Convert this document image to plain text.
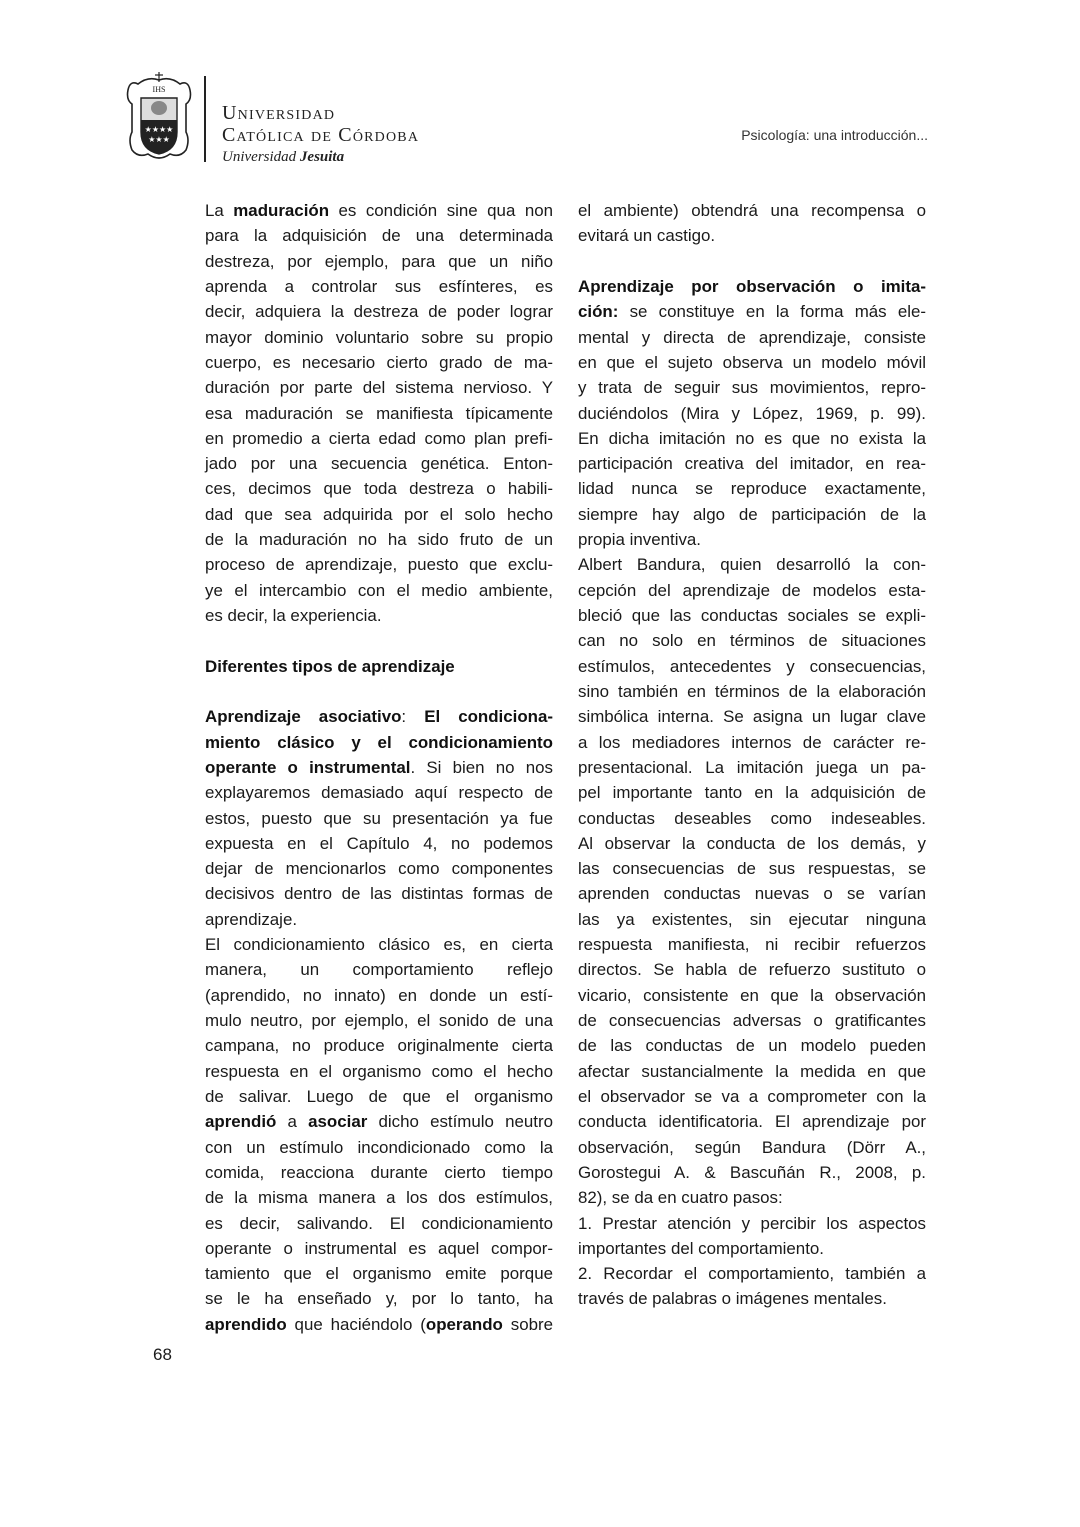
IHS
★★★★
★★★
Universidad
Católica de Córdoba
Universidad Jesuita
Psicología: una introducción...
La maduración es condición sine qua non
para la adquisición de una determinada
destreza, por ejemplo, para que un niño
aprenda a controlar sus esfínteres, es
decir, adquiera la destreza de poder lograr
mayor dominio voluntario sobre su propio
cuerpo, es necesario cierto grado de ma-
duración por parte del sistema nervioso. Y
esa maduración se manifiesta típicamente
en promedio a cierta edad como plan prefi-
jado por una secuencia genética. Enton-
ces, decimos que toda destreza o habili-
dad que sea adquirida por el solo hecho
de la maduración no ha sido fruto de un
proceso de aprendizaje, puesto que exclu-
ye el intercambio con el medio ambiente,
es decir, la experiencia.
Diferentes tipos de aprendizaje
Aprendizaje asociativo: El condiciona-
miento clásico y el condicionamiento
operante o instrumental. Si bien no nos
explayaremos demasiado aquí respecto de
estos, puesto que su presentación ya fue
expuesta en el Capítulo 4, no podemos
dejar de mencionarlos como componentes
decisivos dentro de las distintas formas de
aprendizaje.
El condicionamiento clásico es, en cierta
manera, un comportamiento reflejo
(aprendido, no innato) en donde un estí-
mulo neutro, por ejemplo, el sonido de una
campana, no produce originalmente cierta
respuesta en el organismo como el hecho
de salivar. Luego de que el organismo
aprendió a asociar dicho estímulo neutro
con un estímulo incondicionado como la
comida, reacciona durante cierto tiempo
de la misma manera a los dos estímulos,
es decir, salivando. El condicionamiento
operante o instrumental es aquel compor-
tamiento que el organismo emite porque
se le ha enseñado y, por lo tanto, ha
aprendido que haciéndolo (operando sobre
el ambiente) obtendrá una recompensa o
evitará un castigo.
Aprendizaje por observación o imita-
ción: se constituye en la forma más ele-
mental y directa de aprendizaje, consiste
en que el sujeto observa un modelo móvil
y trata de seguir sus movimientos, repro-
duciéndolos (Mira y López, 1969, p. 99).
En dicha imitación no es que no exista la
participación creativa del imitador, en rea-
lidad nunca se reproduce exactamente,
siempre hay algo de participación de la
propia inventiva.
Albert Bandura, quien desarrolló la con-
cepción del aprendizaje de modelos esta-
bleció que las conductas sociales se expli-
can no solo en términos de situaciones
estímulos, antecedentes y consecuencias,
sino también en términos de la elaboración
simbólica interna. Se asigna un lugar clave
a los mediadores internos de carácter re-
presentacional. La imitación juega un pa-
pel importante tanto en la adquisición de
conductas deseables como indeseables.
Al observar la conducta de los demás, y
las consecuencias de sus respuestas, se
aprenden conductas nuevas o se varían
las ya existentes, sin ejecutar ninguna
respuesta manifiesta, ni recibir refuerzos
directos. Se habla de refuerzo sustituto o
vicario, consistente en que la observación
de consecuencias adversas o gratificantes
de las conductas de un modelo pueden
afectar sustancialmente la medida en que
el observador se va a comprometer con la
conducta identificatoria. El aprendizaje por
observación, según Bandura (Dörr A.,
Gorostegui A. & Bascuñán R., 2008, p.
82), se da en cuatro pasos:
1. Prestar atención y percibir los aspectos
importantes del comportamiento.
2. Recordar el comportamiento, también a
través de palabras o imágenes mentales.
68
